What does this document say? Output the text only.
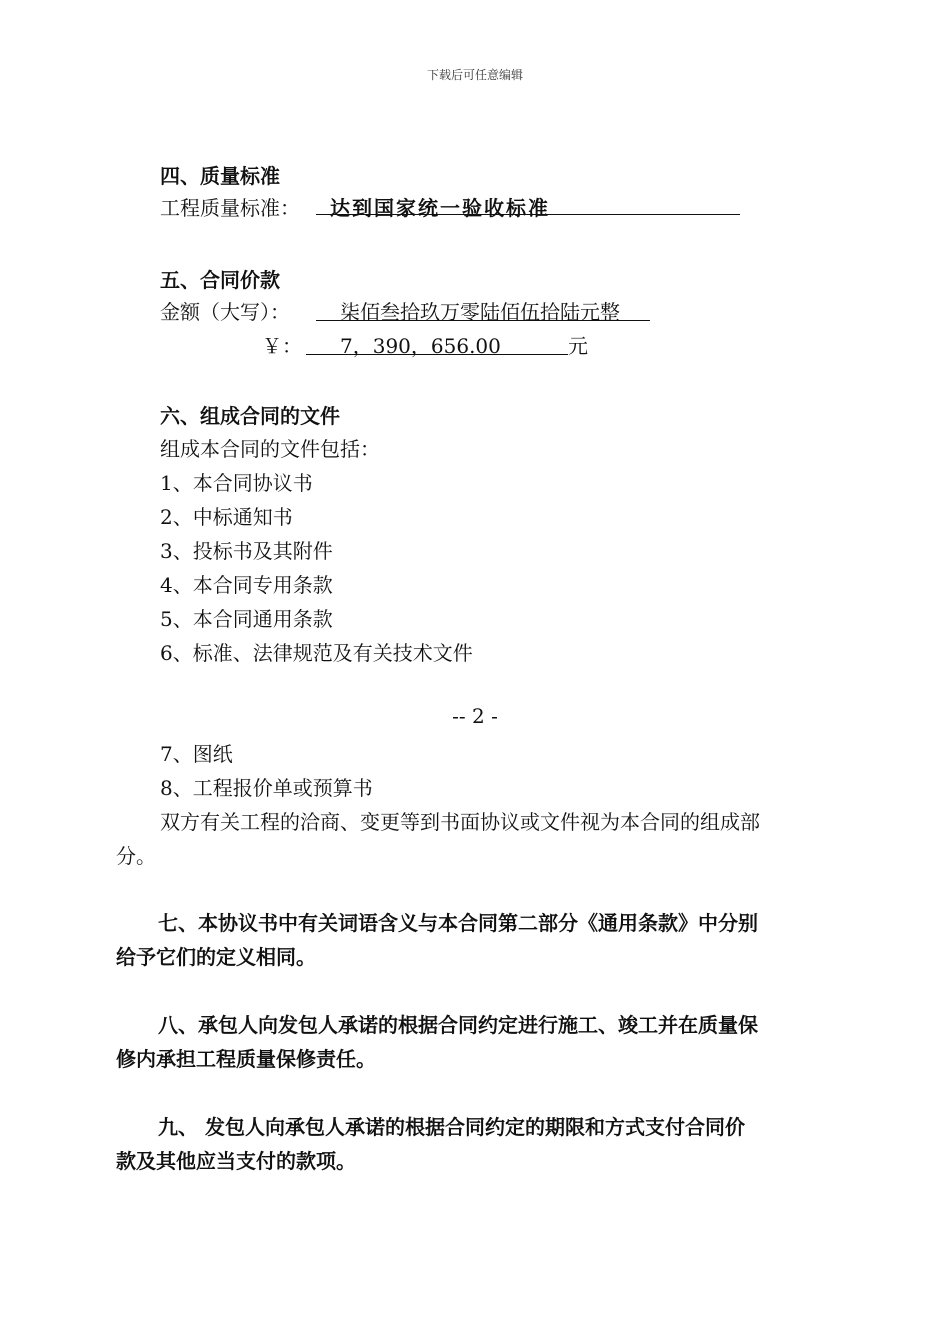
下载后可任意编辑
四、质量标准
工程质量标准： 达到国家统一验收标准
五、合同价款
金额（大写）：	柒佰叁拾玖万零陆佰伍拾陆元整
￥： 7，390，656.00	元
六、组成合同的文件
组成本合同的文件包括：
1、本合同协议书
2、中标通知书
3、投标书及其附件
4、本合同专用条款
5、本合同通用条款
6、标准、法律规范及有关技术文件
-- 2 -
7、图纸
8、工程报价单或预算书
双方有关工程的洽商、变更等到书面协议或文件视为本合同的组成部
分。
七、本协议书中有关词语含义与本合同第二部分《通用条款》中分别
给予它们的定义相同。
八、承包人向发包人承诺的根据合同约定进行施工、竣工并在质量保
修内承担工程质量保修责任。
九、 发包人向承包人承诺的根据合同约定的期限和方式支付合同价
款及其他应当支付的款项。
